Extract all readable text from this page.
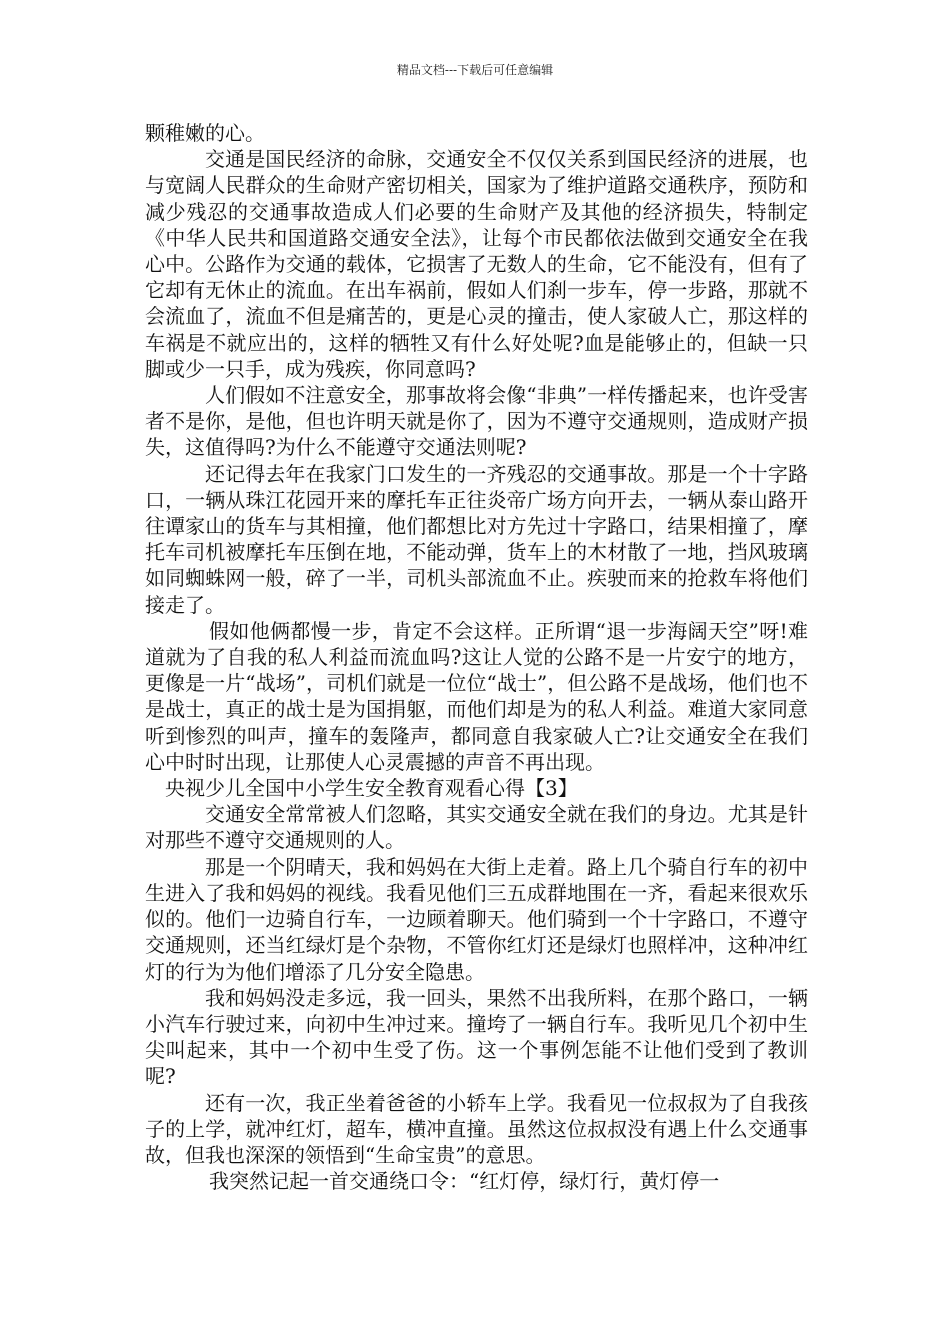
精品文档---下载后可任意编辑

颗稚嫩的心。

交通是国民经济的命脉，交通安全不仅仅关系到国民经济的进展，也与宽阔人民群众的生命财产密切相关，国家为了维护道路交通秩序，预防和减少残忍的交通事故造成人们必要的生命财产及其他的经济损失，特制定《中华人民共和国道路交通安全法》，让每个市民都依法做到交通安全在我心中。公路作为交通的载体，它损害了无数人的生命，它不能没有，但有了它却有无休止的流血。在出车祸前，假如人们刹一步车，停一步路，那就不会流血了，流血不但是痛苦的，更是心灵的撞击，使人家破人亡，那这样的车祸是不就应出的，这样的牺牲又有什么好处呢?血是能够止的，但缺一只脚或少一只手，成为残疾，你同意吗?

人们假如不注意安全，那事故将会像“非典”一样传播起来，也许受害者不是你，是他，但也许明天就是你了，因为不遵守交通规则，造成财产损失，这值得吗?为什么不能遵守交通法则呢?

还记得去年在我家门口发生的一齐残忍的交通事故。那是一个十字路口，一辆从珠江花园开来的摩托车正往炎帝广场方向开去，一辆从泰山路开往谭家山的货车与其相撞，他们都想比对方先过十字路口，结果相撞了，摩托车司机被摩托车压倒在地，不能动弹，货车上的木材散了一地，挡风玻璃如同蜘蛛网一般，碎了一半，司机头部流血不止。疾驶而来的抢救车将他们接走了。

假如他俩都慢一步，肯定不会这样。正所谓“退一步海阔天空”呀!难道就为了自我的私人利益而流血吗?这让人觉的公路不是一片安宁的地方，更像是一片“战场”，司机们就是一位位“战士”，但公路不是战场，他们也不是战士，真正的战士是为国捐躯，而他们却是为的私人利益。难道大家同意听到惨烈的叫声，撞车的轰隆声，都同意自我家破人亡?让交通安全在我们心中时时出现，让那使人心灵震撼的声音不再出现。

央视少儿全国中小学生安全教育观看心得【3】

交通安全常常被人们忽略，其实交通安全就在我们的身边。尤其是针对那些不遵守交通规则的人。

那是一个阴晴天，我和妈妈在大街上走着。路上几个骑自行车的初中生进入了我和妈妈的视线。我看见他们三五成群地围在一齐，看起来很欢乐似的。他们一边骑自行车，一边顾着聊天。他们骑到一个十字路口，不遵守交通规则，还当红绿灯是个杂物，不管你红灯还是绿灯也照样冲，这种冲红灯的行为为他们增添了几分安全隐患。

我和妈妈没走多远，我一回头，果然不出我所料，在那个路口，一辆小汽车行驶过来，向初中生冲过来。撞垮了一辆自行车。我听见几个初中生尖叫起来，其中一个初中生受了伤。这一个事例怎能不让他们受到了教训呢?

还有一次，我正坐着爸爸的小轿车上学。我看见一位叔叔为了自我孩子的上学，就冲红灯，超车，横冲直撞。虽然这位叔叔没有遇上什么交通事故，但我也深深的领悟到“生命宝贵”的意思。

我突然记起一首交通绕口令：“红灯停，绿灯行，黄灯停一
